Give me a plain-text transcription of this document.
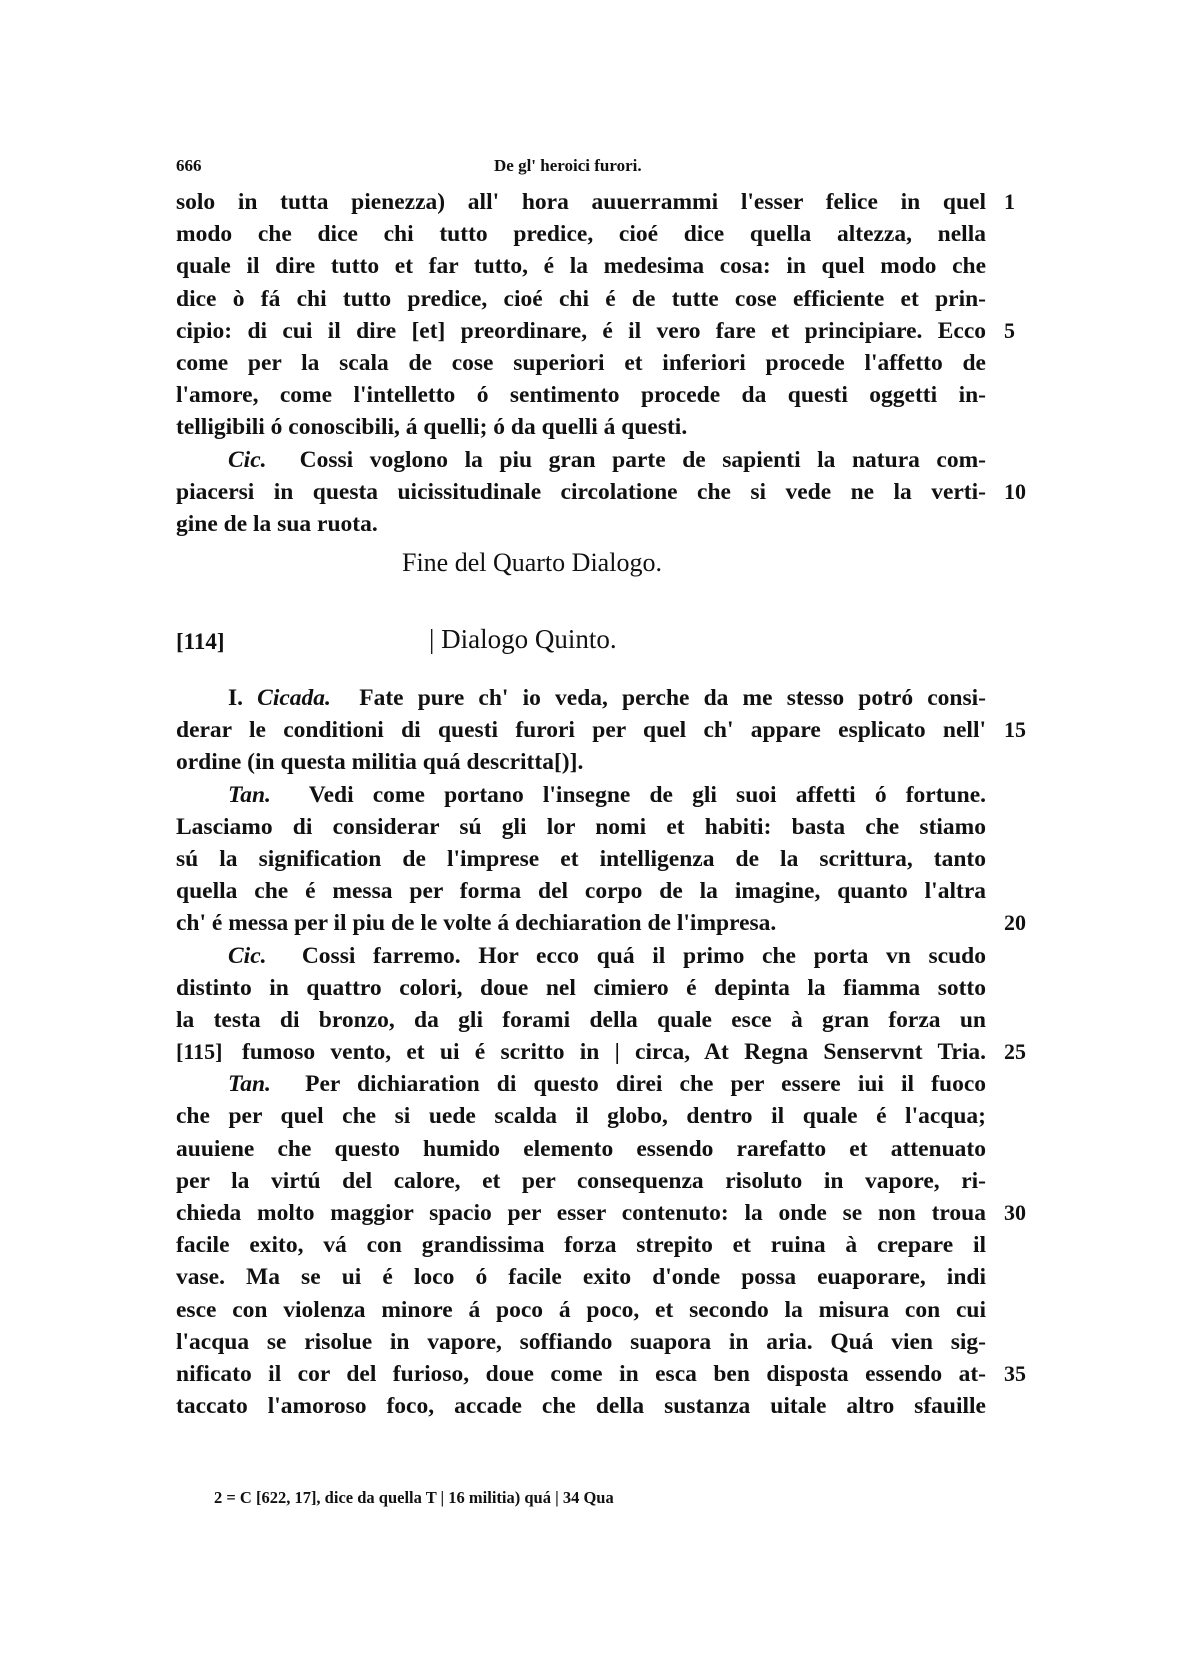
666	De gl' heroici furori.
solo in tutta pienezza) all' hora auuerrammi l'esser felice in quel
modo che dice chi tutto predice, cioé dice quella altezza, nella
quale il dire tutto et far tutto, é la medesima cosa: in quel modo che
dice ò fá chi tutto predice, cioé chi é de tutte cose efficiente et prin-
cipio: di cui il dire [et] preordinare, é il vero fare et principiare. Ecco
come per la scala de cose superiori et inferiori procede l'affetto de
l'amore, come l'intelletto ó sentimento procede da questi oggetti in-
telligibili ó conoscibili, á quelli; ó da quelli á questi.
Cic. Cossi voglono la piu gran parte de sapienti la natura com-
piacersi in questa uicissitudinale circolatione che si vede ne la verti-
gine de la sua ruota.
1
5
10
Fine del Quarto Dialogo.
[114]	| Dialogo Quinto.
I. Cicada. Fate pure ch' io veda, perche da me stesso potró consi-
derar le conditioni di questi furori per quel ch' appare esplicato nell'
ordine (in questa militia quá descritta[)].
Tan. Vedi come portano l'insegne de gli suoi affetti ó fortune.
Lasciamo di considerar sú gli lor nomi et habiti: basta che stiamo
sú la signification de l'imprese et intelligenza de la scrittura, tanto
quella che é messa per forma del corpo de la imagine, quanto l'altra
ch' é messa per il piu de le volte á dechiaration de l'impresa.
Cic. Cossi farremo. Hor ecco quá il primo che porta vn scudo
distinto in quattro colori, doue nel cimiero é depinta la fiamma sotto
la testa di bronzo, da gli forami della quale esce à gran forza un
fumoso vento, et ui é scritto in | circa, At Regna Senservnt Tria.
Tan. Per dichiaration di questo direi che per essere iui il fuoco
che per quel che si uede scalda il globo, dentro il quale é l'acqua;
auuiene che questo humido elemento essendo rarefatto et attenuato
per la virtú del calore, et per consequenza risoluto in vapore, ri-
chieda molto maggior spacio per esser contenuto: la onde se non troua
facile exito, vá con grandissima forza strepito et ruina à crepare il
vase. Ma se ui é loco ó facile exito d'onde possa euaporare, indi
esce con violenza minore á poco á poco, et secondo la misura con cui
l'acqua se risolue in vapore, soffiando suapora in aria. Quá vien sig-
nificato il cor del furioso, doue come in esca ben disposta essendo at-
taccato l'amoroso foco, accade che della sustanza uitale altro sfauille
[115]
15
20
25
30
35
2 = C [622, 17], dice da quella T | 16 militia) quá | 34 Qua
